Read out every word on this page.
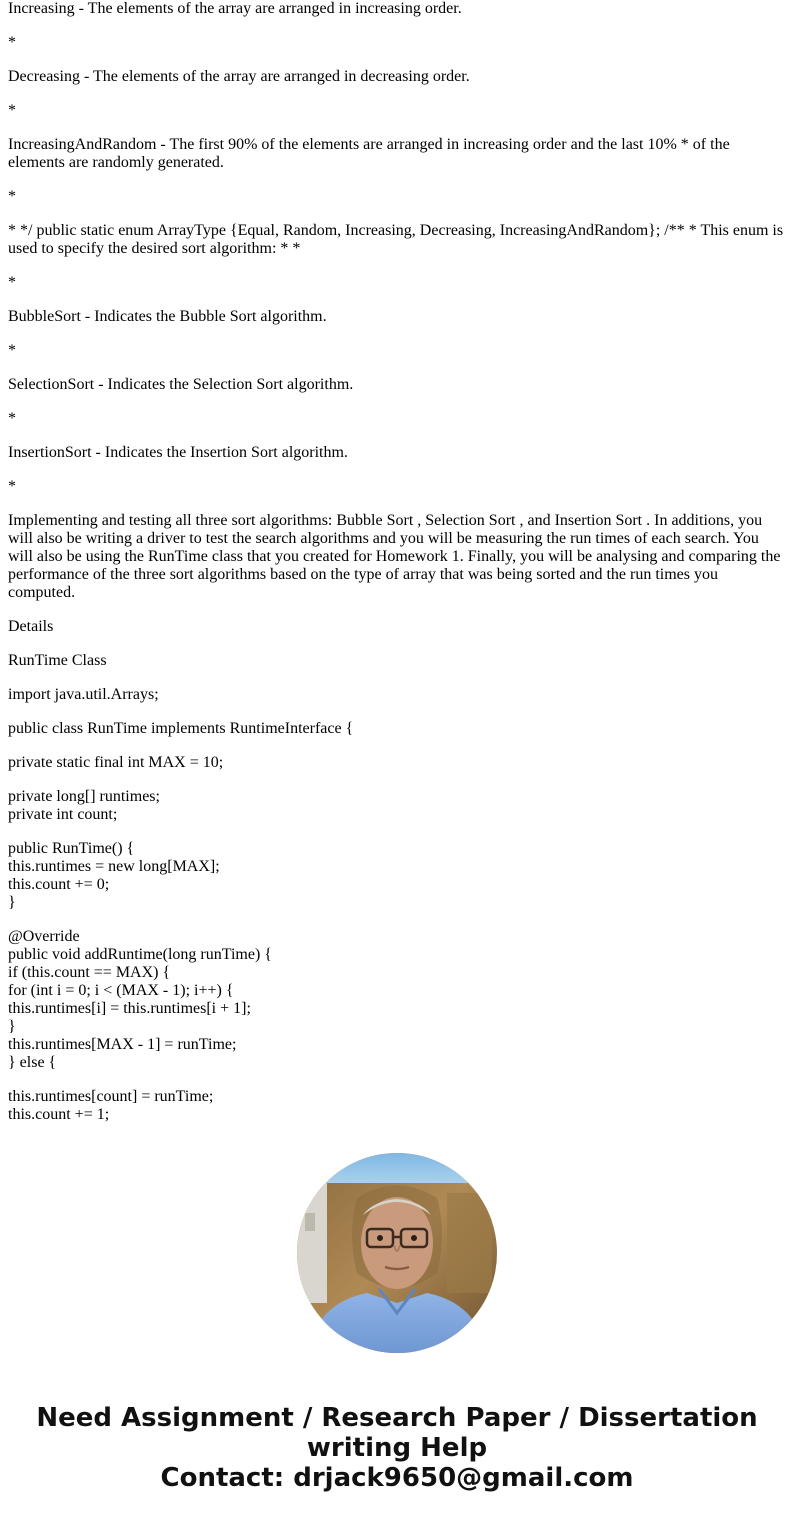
Increasing - The elements of the array are arranged in increasing order.

*

Decreasing - The elements of the array are arranged in decreasing order.

*

IncreasingAndRandom - The first 90% of the elements are arranged in increasing order and the last 10% * of the elements are randomly generated.

*

* */ public static enum ArrayType {Equal, Random, Increasing, Decreasing, IncreasingAndRandom}; /** * This enum is used to specify the desired sort algorithm: * *

*

BubbleSort - Indicates the Bubble Sort algorithm.

*

SelectionSort - Indicates the Selection Sort algorithm.

*

InsertionSort - Indicates the Insertion Sort algorithm.

*

Implementing and testing all three sort algorithms: Bubble Sort , Selection Sort , and Insertion Sort . In additions, you will also be writing a driver to test the search algorithms and you will be measuring the run times of each search. You will also be using the RunTime class that you created for Homework 1. Finally, you will be analysing and comparing the performance of the three sort algorithms based on the type of array that was being sorted and the run times you computed.

Details

RunTime Class

import java.util.Arrays;

public class RunTime implements RuntimeInterface {

private static final int MAX = 10;

private long[] runtimes;
private int count;

public RunTime() {
this.runtimes = new long[MAX];
this.count += 0;
}

@Override
public void addRuntime(long runTime) {
if (this.count == MAX) {
for (int i = 0; i < (MAX - 1); i++) {
this.runtimes[i] = this.runtimes[i + 1];
}
this.runtimes[MAX - 1] = runTime;
} else {

this.runtimes[count] = runTime;
this.count += 1;

Need Assignment / Research Paper / Dissertation
writing Help
Contact: drjack9650@gmail.com
